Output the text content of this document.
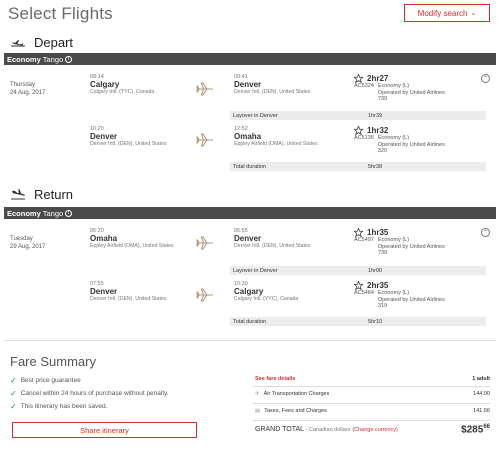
Select Flights	Modify search ⌄
Depart
Economy Tango i
Thursday
24 Aug, 2017
08:14
Calgary
Calgary Intl. (YYC), Canada
09:41
Denver
Denver Intl. (DEN), United States
2hr27
AC5324 Economy (L)
Operated by United Airlines
739
⌃
Layover in Denver	1hr39
10:20
Denver
Denver Intl. (DEN), United States
12:52
Omaha
Eppley Airfield (OMA), United States
1hr32
AC5136 Economy (L)
Operated by United Airlines
320
Total duration	5hr38
Return
Economy Tango i
Tuesday
29 Aug, 2017
06:20
Omaha
Eppley Airfield (OMA), United States
06:55
Denver
Denver Intl. (DEN), United States
1hr35
AC5497 Economy (L)
Operated by United Airlines
739
⌃
Layover in Denver	1hr00
07:55
Denver
Denver Intl. (DEN), United States
10:30
Calgary
Calgary Intl. (YYC), Canada
2hr35
AC5484 Economy (L)
Operated by United Airlines
319
Total duration	5hr10
Fare Summary
✓ Best price guarantee
✓ Cancel within 24 hours of purchase without penalty.
✓ This itinerary has been saved.
Share itinerary
See fare details	1 adult
✈ Air Transportation Charges	144.00
▤ Taxes, Fees and Charges	141.66
GRAND TOTAL - Canadian dollars (Change currency)	$\$285^{66}$
